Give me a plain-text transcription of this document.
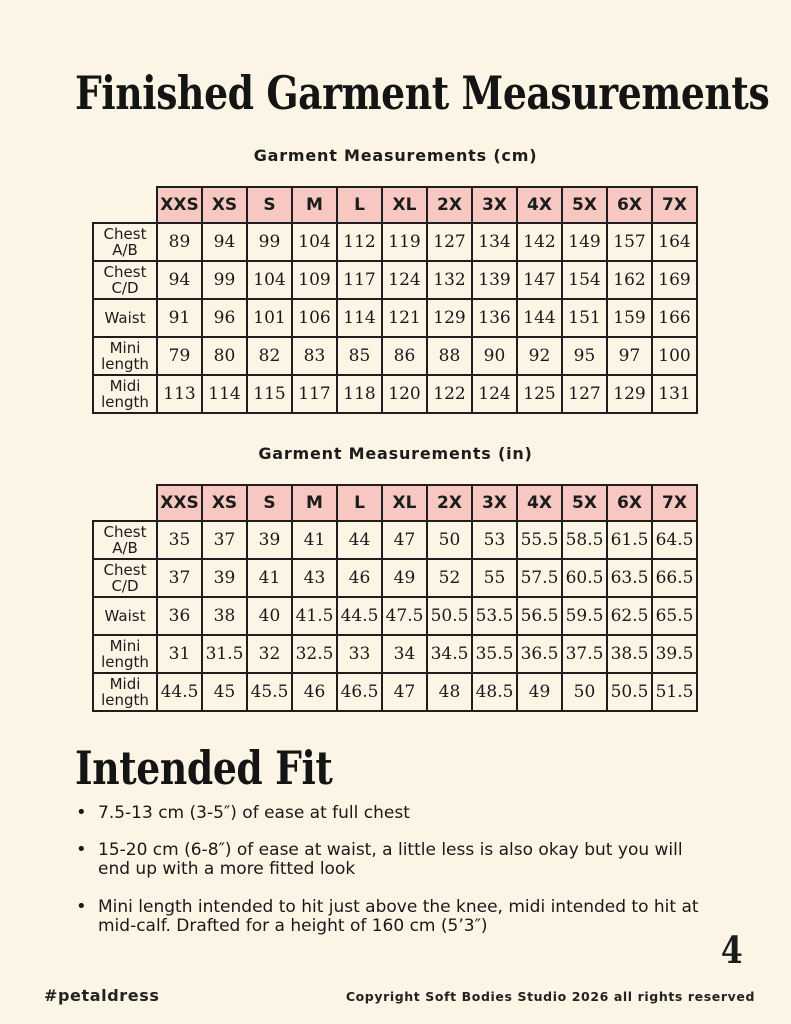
Finished Garment Measurements
Garment Measurements (cm)
	XXS	XS	S	M	L	XL	2X	3X	4X	5X	6X	7X
Chest A/B	89	94	99	104	112	119	127	134	142	149	157	164
Chest C/D	94	99	104	109	117	124	132	139	147	154	162	169
Waist	91	96	101	106	114	121	129	136	144	151	159	166
Mini length	79	80	82	83	85	86	88	90	92	95	97	100
Midi length	113	114	115	117	118	120	122	124	125	127	129	131
Garment Measurements (in)
	XXS	XS	S	M	L	XL	2X	3X	4X	5X	6X	7X
Chest A/B	35	37	39	41	44	47	50	53	55.5	58.5	61.5	64.5
Chest C/D	37	39	41	43	46	49	52	55	57.5	60.5	63.5	66.5
Waist	36	38	40	41.5	44.5	47.5	50.5	53.5	56.5	59.5	62.5	65.5
Mini length	31	31.5	32	32.5	33	34	34.5	35.5	36.5	37.5	38.5	39.5
Midi length	44.5	45	45.5	46	46.5	47	48	48.5	49	50	50.5	51.5
Intended Fit
• 7.5-13 cm (3-5″) of ease at full chest
• 15-20 cm (6-8″) of ease at waist, a little less is also okay but you will end up with a more fitted look
• Mini length intended to hit just above the knee, midi intended to hit at mid-calf. Drafted for a height of 160 cm (5’3″)
4
#petaldress	Copyright Soft Bodies Studio 2026 all rights reserved
